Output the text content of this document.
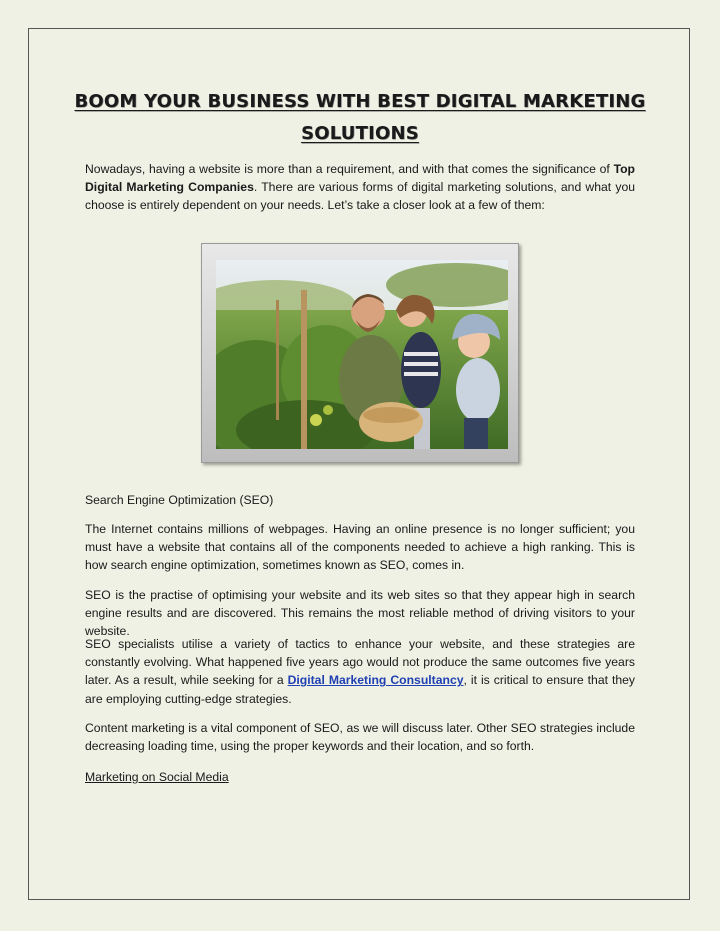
BOOM YOUR BUSINESS WITH BEST DIGITAL MARKETING SOLUTIONS

Nowadays, having a website is more than a requirement, and with that comes the significance of Top Digital Marketing Companies. There are various forms of digital marketing solutions, and what you choose is entirely dependent on your needs. Let’s take a closer look at a few of them:

Search Engine Optimization (SEO)

The Internet contains millions of webpages. Having an online presence is no longer sufficient; you must have a website that contains all of the components needed to achieve a high ranking. This is how search engine optimization, sometimes known as SEO, comes in.

SEO is the practise of optimising your website and its web sites so that they appear high in search engine results and are discovered. This remains the most reliable method of driving visitors to your website.

SEO specialists utilise a variety of tactics to enhance your website, and these strategies are constantly evolving. What happened five years ago would not produce the same outcomes five years later. As a result, while seeking for a Digital Marketing Consultancy, it is critical to ensure that they are employing cutting-edge strategies.

Content marketing is a vital component of SEO, as we will discuss later. Other SEO strategies include decreasing loading time, using the proper keywords and their location, and so forth.

Marketing on Social Media
